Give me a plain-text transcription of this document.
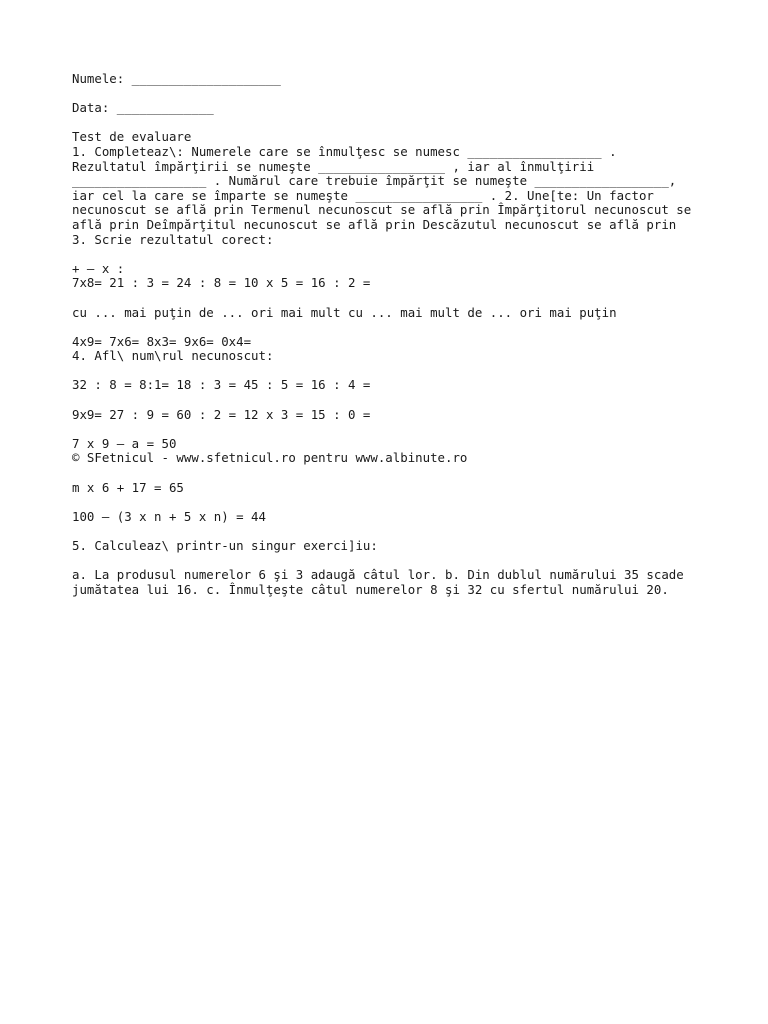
Numele: ____________________
Data: _____________
Test de evaluare
1. Completeaz\: Numerele care se înmulţesc se numesc __________________ .
Rezultatul împărţirii se numeşte _________________ , iar al înmulţirii
__________________ . Numărul care trebuie împărţit se numeşte __________________,
iar cel la care se împarte se numeşte _________________ . 2. Une[te: Un factor
necunoscut se află prin Termenul necunoscut se află prin Împărţitorul necunoscut se
află prin Deîmpărţitul necunoscut se află prin Descăzutul necunoscut se află prin
3. Scrie rezultatul corect:
+ – x :
7x8= 21 : 3 = 24 : 8 = 10 x 5 = 16 : 2 =
cu ... mai puţin de ... ori mai mult cu ... mai mult de ... ori mai puţin
4x9= 7x6= 8x3= 9x6= 0x4=
4. Afl\ num\rul necunoscut:
32 : 8 = 8:1= 18 : 3 = 45 : 5 = 16 : 4 =
9x9= 27 : 9 = 60 : 2 = 12 x 3 = 15 : 0 =
7 x 9 – a = 50
© SFetnicul - www.sfetnicul.ro pentru www.albinute.ro
m x 6 + 17 = 65
100 – (3 x n + 5 x n) = 44
5. Calculeaz\ printr-un singur exerci]iu:
a. La produsul numerelor 6 şi 3 adaugă câtul lor. b. Din dublul numărului 35 scade
jumătatea lui 16. c. Înmulţeşte câtul numerelor 8 şi 32 cu sfertul numărului 20.
